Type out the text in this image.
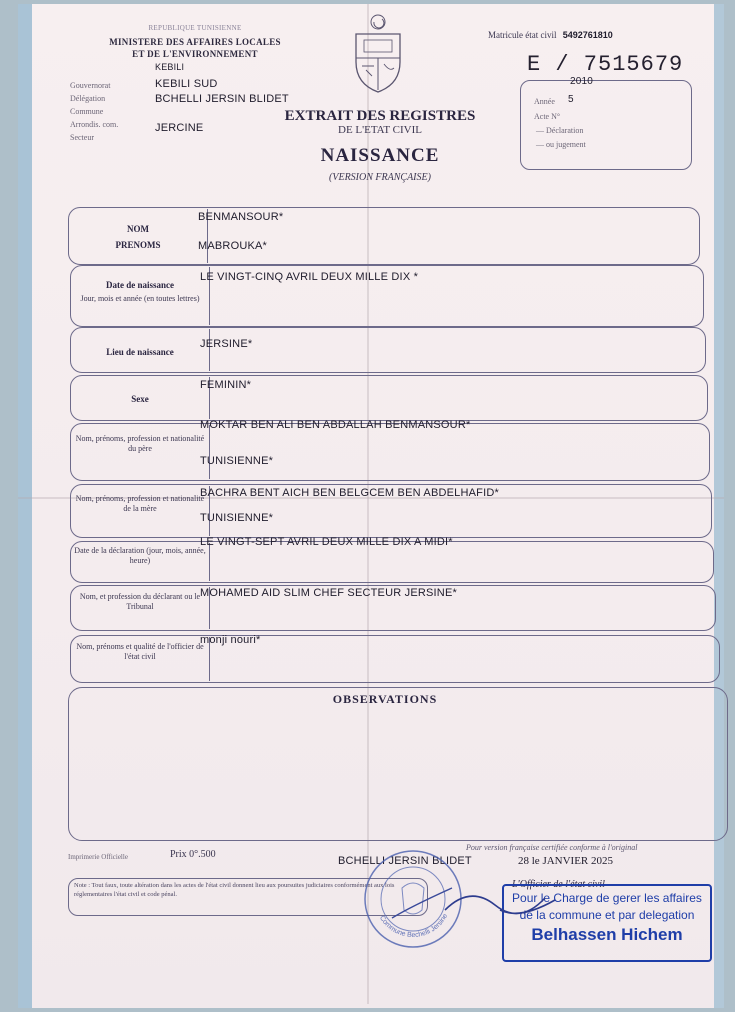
REPUBLIQUE TUNISIENNE
MINISTERE DES AFFAIRES LOCALES
ET DE L'ENVIRONNEMENT
Gouvernorat
KEBILI
Délégation
KEBILI SUD
Commune
BCHELLI JERSIN BLIDET
Arrondis. com.
Secteur
JERCINE
Matricule état civil 5492761810
E / 7515679
2010
Année 5
Acte N°
— Déclaration
— ou jugement
EXTRAIT DES REGISTRES
DE L'ETAT CIVIL
NAISSANCE
(VERSION FRANÇAISE)
NOM
PRENOMS
BENMANSOUR*
MABROUKA*
Date de naissance
Jour, mois et année (en toutes lettres)
LE VINGT-CINQ AVRIL DEUX MILLE DIX *
Lieu de naissance
JERSINE*
Sexe
FEMININ*
Nom, prénoms, profession et nationalité du père
MOKTAR BEN ALI BEN ABDALLAH BENMANSOUR*
TUNISIENNE*
Nom, prénoms, profession et nationalité de la mère
BACHRA BENT AICH BEN BELGCEM BEN ABDELHAFID*
TUNISIENNE*
Date de la déclaration (jour, mois, année, heure)
LE VINGT-SEPT AVRIL DEUX MILLE DIX A MIDI*
Nom, et profession du déclarant ou le Tribunal
MOHAMED AID SLIM CHEF SECTEUR JERSINE*
Nom, prénoms et qualité de l'officier de l'état civil
monji nouri*
OBSERVATIONS
Imprimerie Officielle	Prix 0°.500
Pour version française certifiée conforme à l'original
BCHELLI JERSIN BLIDET	28 le JANVIER 2025
L'Officier de l'état civil
Note : Tout faux, toute altération dans les actes de l'état civil donnent lieu aux poursuites judiciaires conformément aux lois réglementaires l'état civil et code pénal.
Commune Bechelli Jersine
Pour le Charge de gerer les affaires
de la commune et par delegation
Belhassen Hichem
